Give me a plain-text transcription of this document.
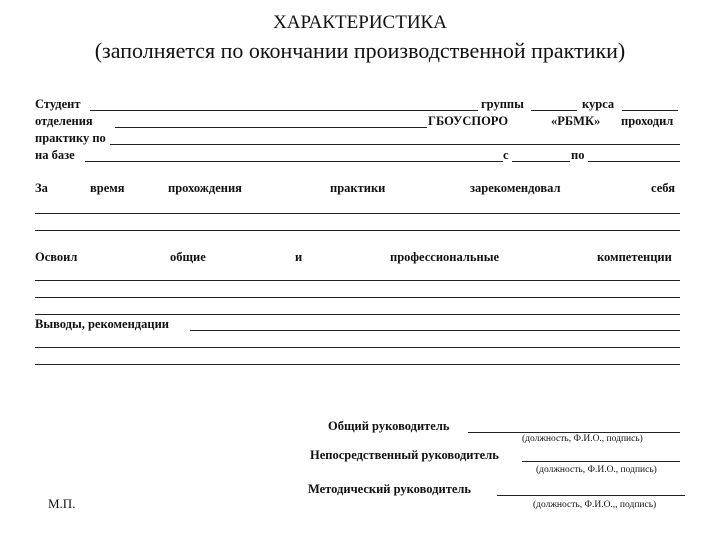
ХАРАКТЕРИСТИКА
(заполняется по окончании производственной практики)
Студент	группы	курса
отделения	ГБОУСПОРО	«РБМК» проходил
практику по
на базе	с	по
За	время	прохождения	практики	зарекомендовал	себя
Освоил	общие	и	профессиональные	компетенции
Выводы, рекомендации
Общий руководитель
(должность, Ф.И.О., подпись)
Непосредственный руководитель
(должность, Ф.И.О., подпись)
Методический руководитель
(должность, Ф.И.О.,, подпись)
М.П.
